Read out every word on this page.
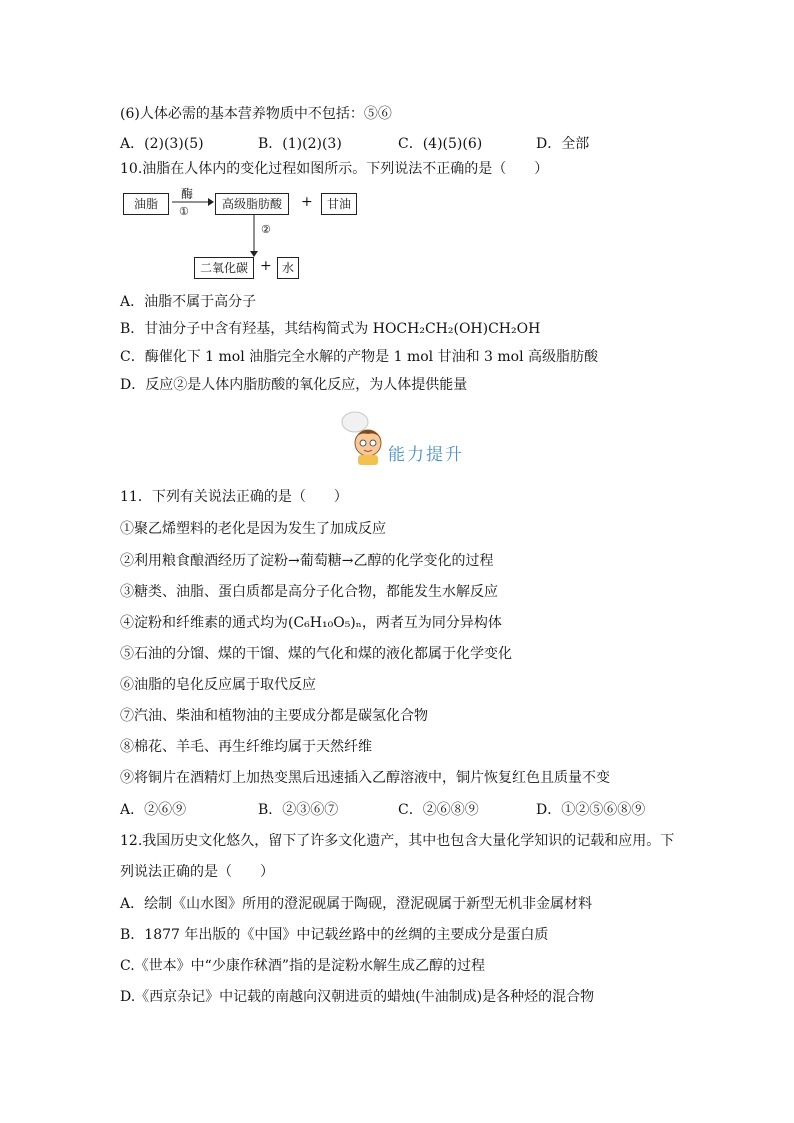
(6)人体必需的基本营养物质中不包括：⑤⑥
A．(2)(3)(5)	B．(1)(2)(3)	C．(4)(5)(6)	D．全部
10.油脂在人体内的变化过程如图所示。下列说法不正确的是（　　）
油脂
酶
①
高级脂肪酸	+	甘油
②
二氧化碳 + 水
A．油脂不属于高分子
B．甘油分子中含有羟基，其结构简式为 HOCH₂CH₂(OH)CH₂OH
C．酶催化下 1 mol 油脂完全水解的产物是 1 mol 甘油和 3 mol 高级脂肪酸
D．反应②是人体内脂肪酸的氧化反应，为人体提供能量
能力提升
11．下列有关说法正确的是（　　）
①聚乙烯塑料的老化是因为发生了加成反应
②利用粮食酿酒经历了淀粉→葡萄糖→乙醇的化学变化的过程
③糖类、油脂、蛋白质都是高分子化合物，都能发生水解反应
④淀粉和纤维素的通式均为(C₆H₁₀O₅)ₙ，两者互为同分异构体
⑤石油的分馏、煤的干馏、煤的气化和煤的液化都属于化学变化
⑥油脂的皂化反应属于取代反应
⑦汽油、柴油和植物油的主要成分都是碳氢化合物
⑧棉花、羊毛、再生纤维均属于天然纤维
⑨将铜片在酒精灯上加热变黑后迅速插入乙醇溶液中，铜片恢复红色且质量不变
A．②⑥⑨	B．②③⑥⑦	C．②⑥⑧⑨	D．①②⑤⑥⑧⑨
12.我国历史文化悠久，留下了许多文化遗产，其中也包含大量化学知识的记载和应用。下
列说法正确的是（　　）
A．绘制《山水图》所用的澄泥砚属于陶砚，澄泥砚属于新型无机非金属材料
B．1877 年出版的《中国》中记载丝路中的丝绸的主要成分是蛋白质
C.《世本》中“少康作秫酒”指的是淀粉水解生成乙醇的过程
D.《西京杂记》中记载的南越向汉朝进贡的蜡烛(牛油制成)是各种烃的混合物
